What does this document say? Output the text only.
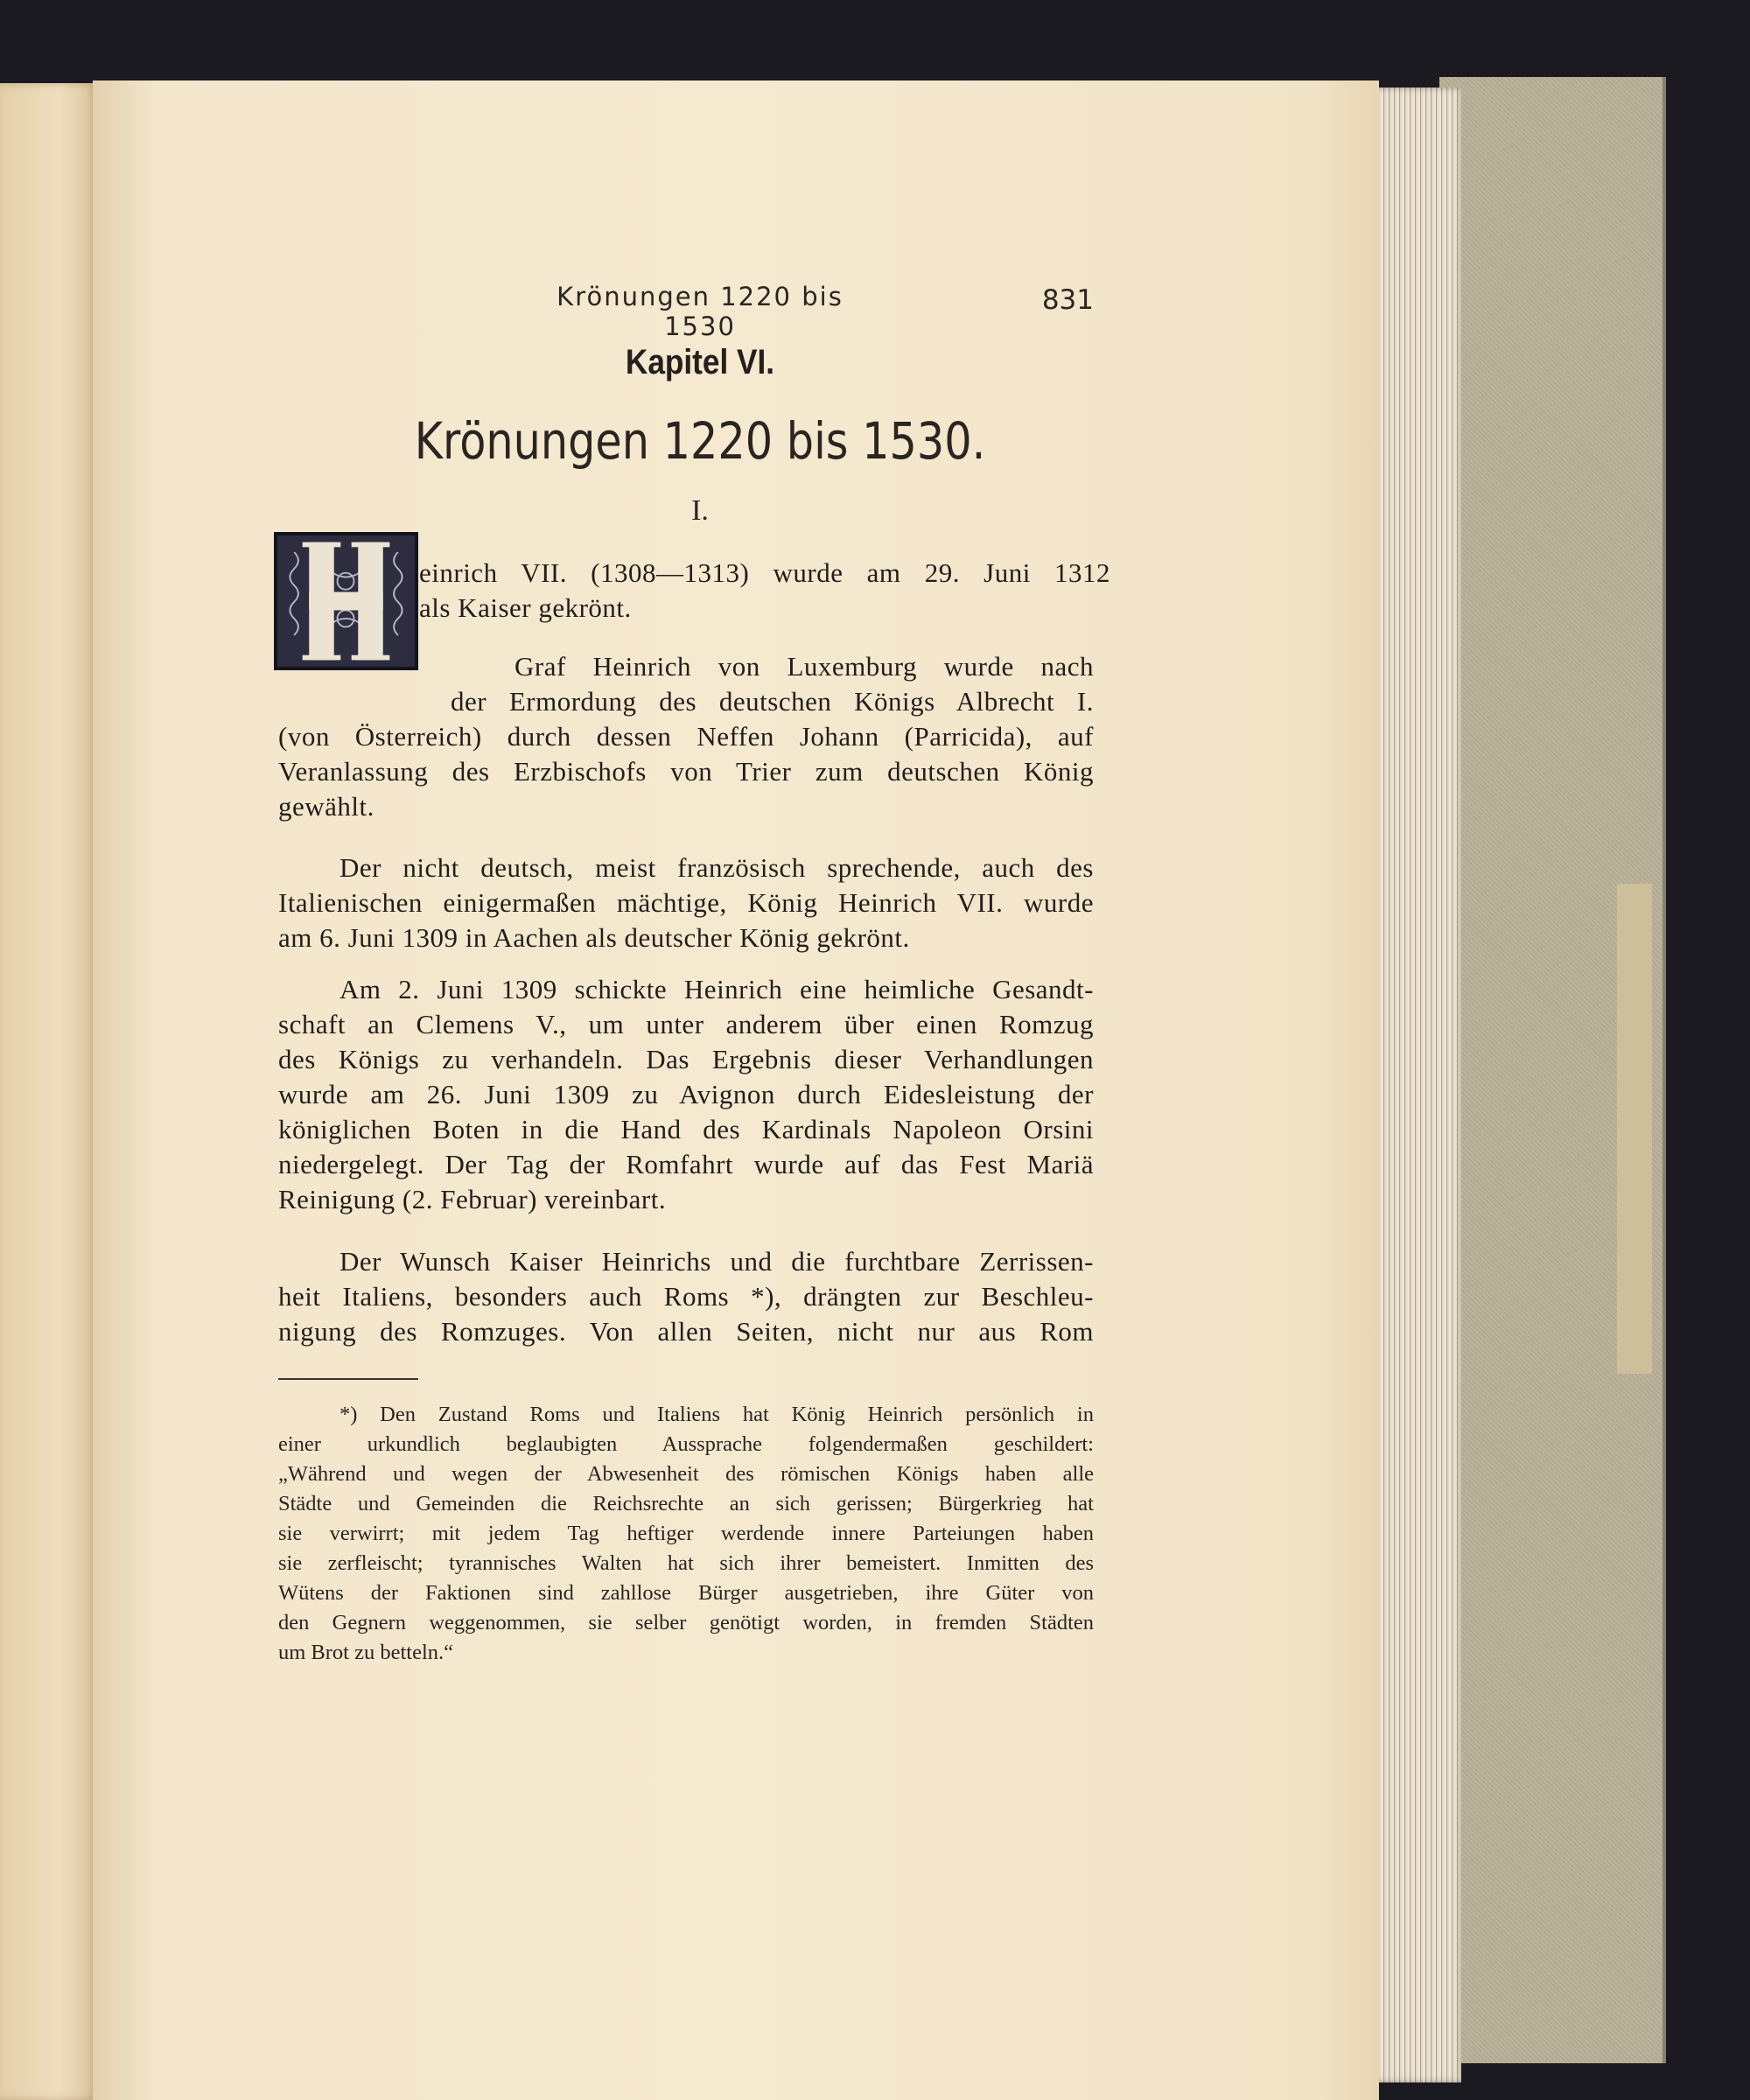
Krönungen 1220 bis 1530
831
Kapitel VI.
Krönungen 1220 bis 1530.
I.
einrich VII. (1308—1313) wurde am 29. Juni 1312
als Kaiser gekrönt.
Graf Heinrich von Luxemburg wurde nach
der Ermordung des deutschen Königs Albrecht I.
(von Österreich) durch dessen Neffen Johann (Parricida), auf
Veranlassung des Erzbischofs von Trier zum deutschen König
gewählt.
Der nicht deutsch, meist französisch sprechende, auch des
Italienischen einigermaßen mächtige, König Heinrich VII. wurde
am 6. Juni 1309 in Aachen als deutscher König gekrönt.
Am 2. Juni 1309 schickte Heinrich eine heimliche Gesandt-
schaft an Clemens V., um unter anderem über einen Romzug
des Königs zu verhandeln. Das Ergebnis dieser Verhandlungen
wurde am 26. Juni 1309 zu Avignon durch Eidesleistung der
königlichen Boten in die Hand des Kardinals Napoleon Orsini
niedergelegt. Der Tag der Romfahrt wurde auf das Fest Mariä
Reinigung (2. Februar) vereinbart.
Der Wunsch Kaiser Heinrichs und die furchtbare Zerrissen-
heit Italiens, besonders auch Roms *), drängten zur Beschleu-
nigung des Romzuges. Von allen Seiten, nicht nur aus Rom
*) Den Zustand Roms und Italiens hat König Heinrich persönlich in
einer urkundlich beglaubigten Aussprache folgendermaßen geschildert:
„Während und wegen der Abwesenheit des römischen Königs haben alle
Städte und Gemeinden die Reichsrechte an sich gerissen; Bürgerkrieg hat
sie verwirrt; mit jedem Tag heftiger werdende innere Parteiungen haben
sie zerfleischt; tyrannisches Walten hat sich ihrer bemeistert. Inmitten des
Wütens der Faktionen sind zahllose Bürger ausgetrieben, ihre Güter von
den Gegnern weggenommen, sie selber genötigt worden, in fremden Städten
um Brot zu betteln.“
